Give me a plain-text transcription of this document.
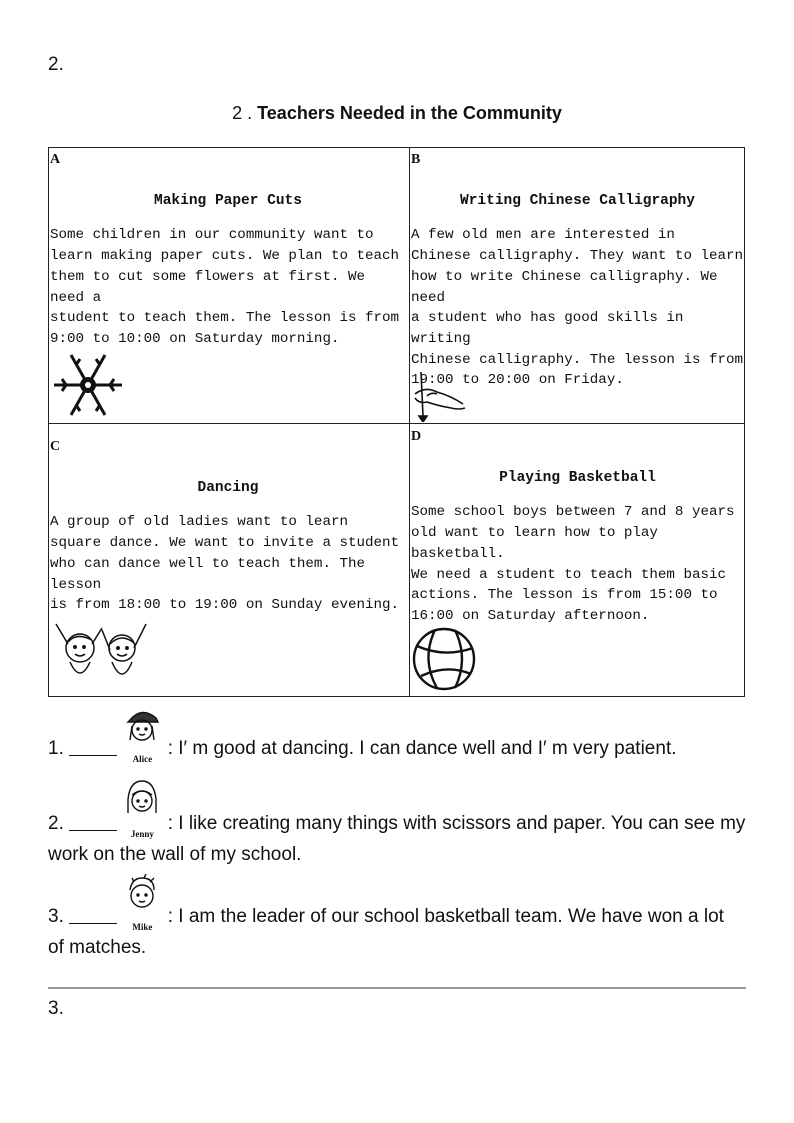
2.
2 . Teachers Needed in the Community
A
Making Paper Cuts
Some children in our community want to
learn making paper cuts. We plan to teach
them to cut some flowers at first. We need a
student to teach them. The lesson is from
9:00 to 10:00 on Saturday morning.
B
Writing Chinese Calligraphy
A few old men are interested in
Chinese calligraphy. They want to learn
how to write Chinese calligraphy. We need
a student who has good skills in writing
Chinese calligraphy. The lesson is from
19:00 to 20:00 on Friday.
C
Dancing
A group of old ladies want to learn
square dance. We want to invite a student
who can dance well to teach them. The lesson
is from 18:00 to 19:00 on Sunday evening.
D
Playing Basketball
Some school boys between 7 and 8 years
old want to learn how to play basketball.
We need a student to teach them basic
actions. The lesson is from 15:00 to
16:00 on Saturday afternoon.
1.	Alice : I′ m good at dancing. I can dance well and I′ m very patient.
2.	Jenny : I like creating many things with scissors and paper. You can see my
work on the wall of my school.
3.	Mike : I am the leader of our school basketball team. We have won a lot
of matches.
3.
